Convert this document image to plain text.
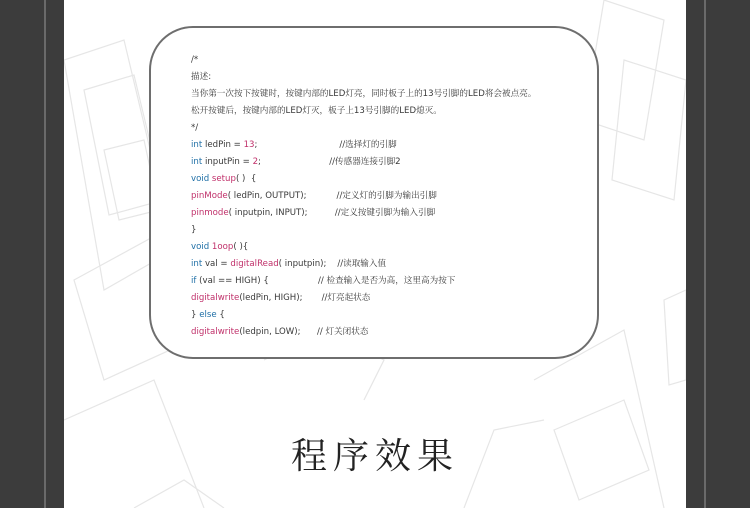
/*
描述:
当你第一次按下按键时，按键内部的LED灯亮，同时板子上的13号引脚的LED将会被点亮。
松开按键后，按键内部的LED灯灭，板子上13号引脚的LED熄灭。
*/
int ledPin = 13;                              //选择灯的引脚
int inputPin = 2;                         //传感器连接引脚2
void setup( )  {
pinMode( ledPin, OUTPUT);           //定义灯的引脚为输出引脚
pinmode( inputpin, INPUT);          //定义按键引脚为输入引脚
}
void 1oop( ){
int val = digitalRead( inputpin);    //读取输入值
if (val == HIGH) {                  // 检查输入是否为高，这里高为按下
digitalwrite(ledPin, HIGH);       //灯亮起状态
} else {
digitalwrite(ledpin, LOW);      // 灯关闭状态
程序效果
